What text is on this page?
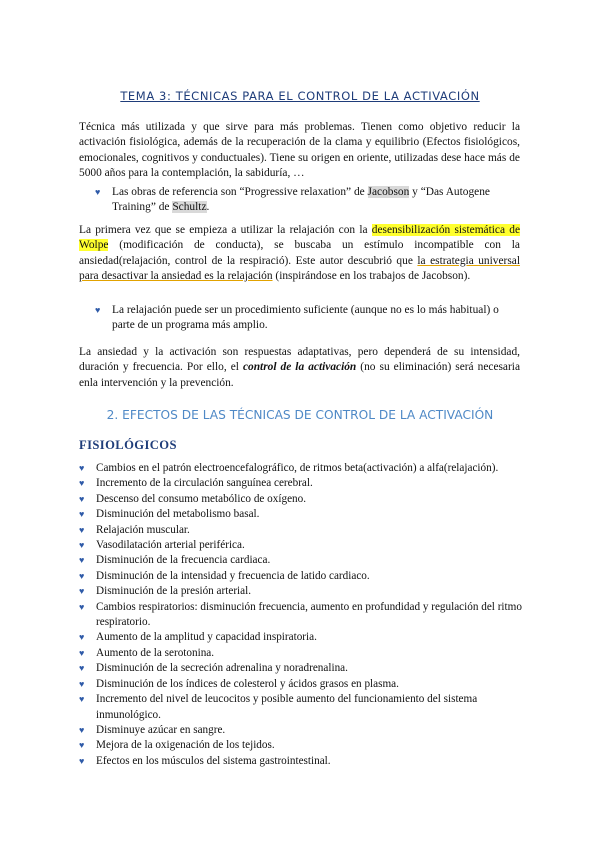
TEMA 3: TÉCNICAS PARA EL CONTROL DE LA ACTIVACIÓN
Técnica más utilizada y que sirve para más problemas. Tienen como objetivo reducir la activación fisiológica, además de la recuperación de la clama y equilibrio (Efectos fisiológicos, emocionales, cognitivos y conductuales). Tiene su origen en oriente, utilizadas dese hace más de 5000 años para la contemplación, la sabiduría, …
♥	Las obras de referencia son “Progressive relaxation” de Jacobson y “Das Autogene Training” de Schultz.
La primera vez que se empieza a utilizar la relajación con la desensibilización sistemática de Wolpe (modificación de conducta), se buscaba un estímulo incompatible con la ansiedad(relajación, control de la respiració). Este autor descubrió que la estrategia universal para desactivar la ansiedad es la relajación (inspirándose en los trabajos de Jacobson).
♥	La relajación puede ser un procedimiento suficiente (aunque no es lo más habitual) o parte de un programa más amplio.
La ansiedad y la activación son respuestas adaptativas, pero dependerá de su intensidad, duración y frecuencia. Por ello, el control de la activación (no su eliminación) será necesaria enla intervención y la prevención.
2. EFECTOS DE LAS TÉCNICAS DE CONTROL DE LA ACTIVACIÓN
FISIOLÓGICOS
♥ Cambios en el patrón electroencefalográfico, de ritmos beta(activación) a alfa(relajación).
♥ Incremento de la circulación sanguínea cerebral.
♥ Descenso del consumo metabólico de oxígeno.
♥ Disminución del metabolismo basal.
♥ Relajación muscular.
♥ Vasodilatación arterial periférica.
♥ Disminución de la frecuencia cardiaca.
♥ Disminución de la intensidad y frecuencia de latido cardiaco.
♥ Disminución de la presión arterial.
♥ Cambios respiratorios: disminución frecuencia, aumento en profundidad y regulación del ritmo respiratorio.
♥ Aumento de la amplitud y capacidad inspiratoria.
♥ Aumento de la serotonina.
♥ Disminución de la secreción adrenalina y noradrenalina.
♥ Disminución de los índices de colesterol y ácidos grasos en plasma.
♥ Incremento del nivel de leucocitos y posible aumento del funcionamiento del sistema inmunológico.
♥ Disminuye azúcar en sangre.
♥ Mejora de la oxigenación de los tejidos.
♥ Efectos en los músculos del sistema gastrointestinal.
